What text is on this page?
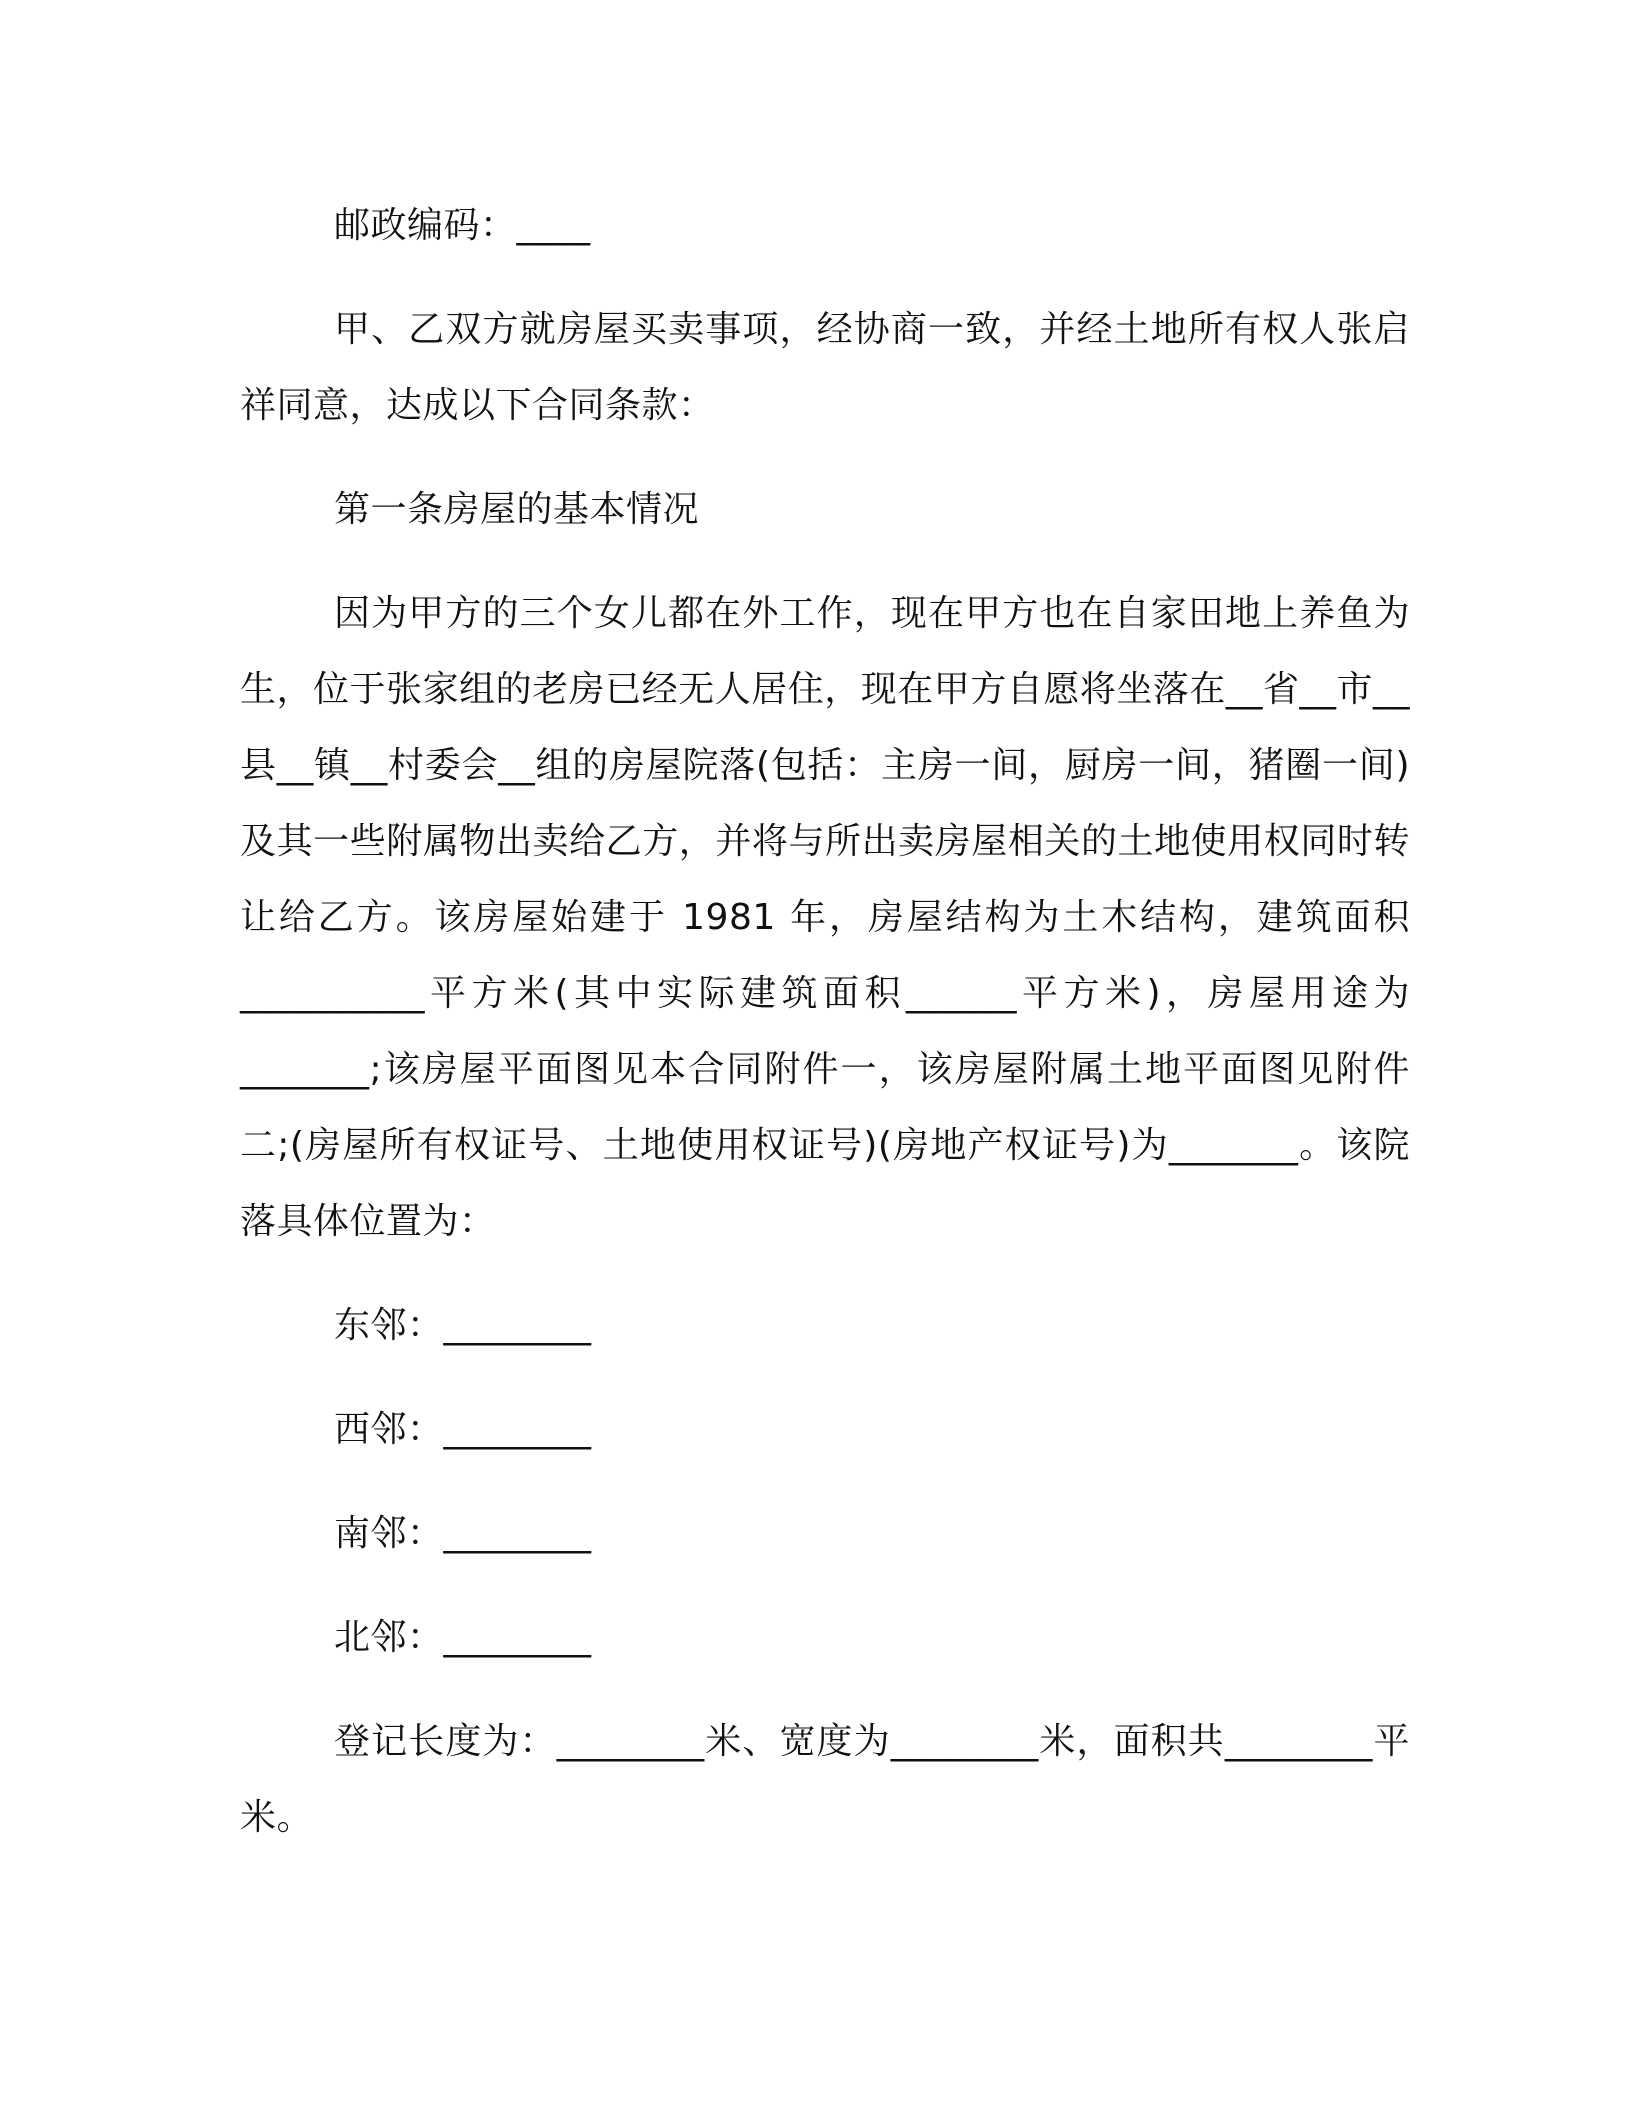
邮政编码：____

甲、乙双方就房屋买卖事项，经协商一致，并经土地所有权人张启祥同意，达成以下合同条款：

第一条房屋的基本情况

因为甲方的三个女儿都在外工作，现在甲方也在自家田地上养鱼为生，位于张家组的老房已经无人居住，现在甲方自愿将坐落在__省__市__县__镇__村委会__组的房屋院落(包括：主房一间，厨房一间，猪圈一间)及其一些附属物出卖给乙方，并将与所出卖房屋相关的土地使用权同时转让给乙方。该房屋始建于 1981 年，房屋结构为土木结构，建筑面积__________平方米(其中实际建筑面积______平方米)，房屋用途为_______;该房屋平面图见本合同附件一，该房屋附属土地平面图见附件二;(房屋所有权证号、土地使用权证号)(房地产权证号)为_______。该院落具体位置为：

东邻：________

西邻：________

南邻：________

北邻：________

登记长度为：________米、宽度为________米，面积共________平米。
